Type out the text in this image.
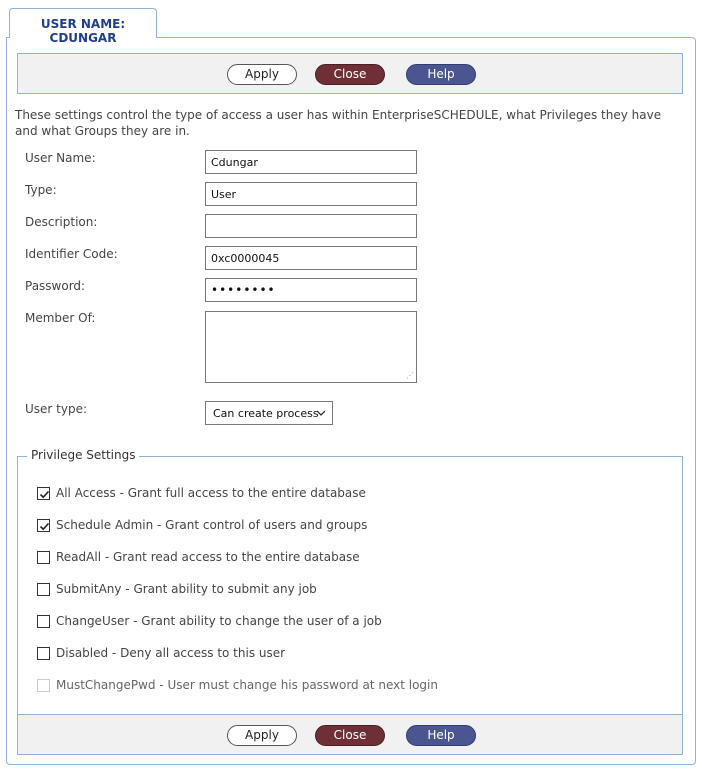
USER NAME: CDUNGAR
Apply	Close	Help
These settings control the type of access a user has within EnterpriseSCHEDULE, what Privileges they have and what Groups they are in.
User Name:	Cdungar
Type:	User
Description:
Identifier Code:	0xc0000045
Password:	••••••••
Member Of:
⋰
User type:	Can create process
Privilege Settings
All Access - Grant full access to the entire database
Schedule Admin - Grant control of users and groups
ReadAll - Grant read access to the entire database
SubmitAny - Grant ability to submit any job
ChangeUser - Grant ability to change the user of a job
Disabled - Deny all access to this user
MustChangePwd - User must change his password at next login
Apply	Close	Help
